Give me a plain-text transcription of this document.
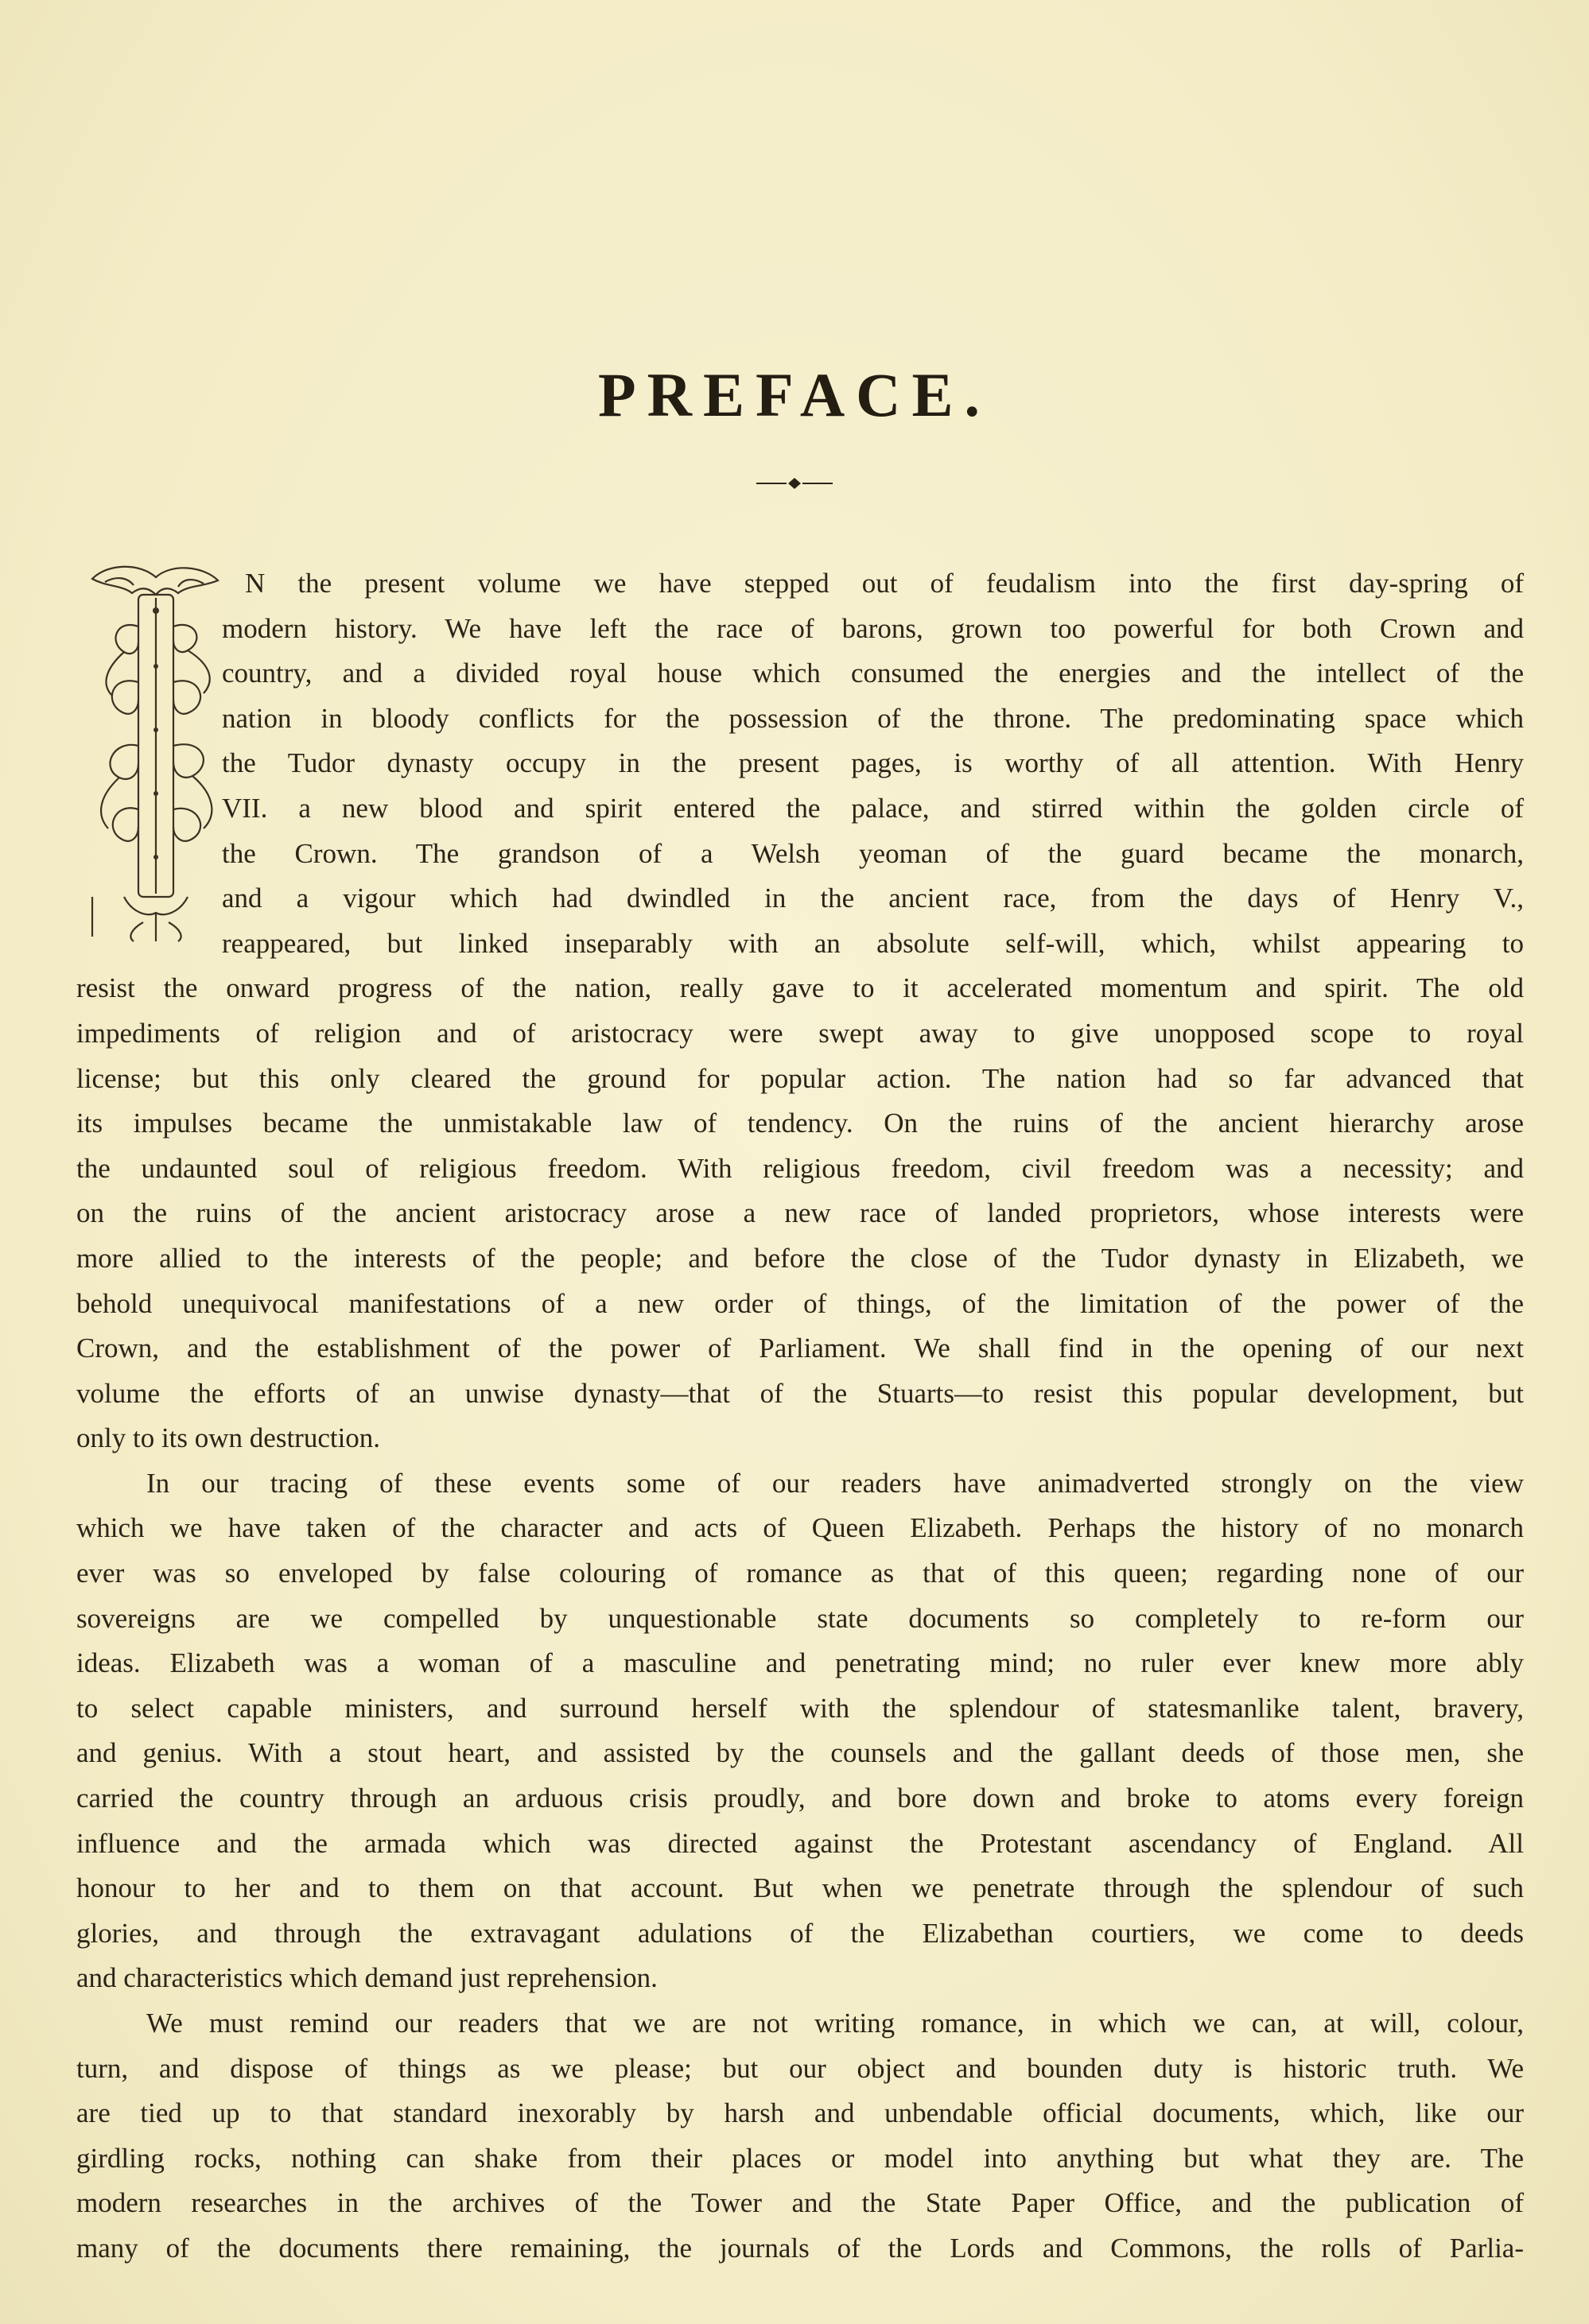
PREFACE.
N the present volume we have stepped out of feudalism into the first day-spring of
modern history. We have left the race of barons, grown too powerful for both Crown and
country, and a divided royal house which consumed the energies and the intellect of the
nation in bloody conflicts for the possession of the throne. The predominating space which
the Tudor dynasty occupy in the present pages, is worthy of all attention. With Henry
VII. a new blood and spirit entered the palace, and stirred within the golden circle of
the Crown. The grandson of a Welsh yeoman of the guard became the monarch,
and a vigour which had dwindled in the ancient race, from the days of Henry V.,
reappeared, but linked inseparably with an absolute self-will, which, whilst appearing to
resist the onward progress of the nation, really gave to it accelerated momentum and spirit. The old
impediments of religion and of aristocracy were swept away to give unopposed scope to royal
license; but this only cleared the ground for popular action. The nation had so far advanced that
its impulses became the unmistakable law of tendency. On the ruins of the ancient hierarchy arose
the undaunted soul of religious freedom. With religious freedom, civil freedom was a necessity; and
on the ruins of the ancient aristocracy arose a new race of landed proprietors, whose interests were
more allied to the interests of the people; and before the close of the Tudor dynasty in Elizabeth, we
behold unequivocal manifestations of a new order of things, of the limitation of the power of the
Crown, and the establishment of the power of Parliament. We shall find in the opening of our next
volume the efforts of an unwise dynasty—that of the Stuarts—to resist this popular development, but
only to its own destruction.
In our tracing of these events some of our readers have animadverted strongly on the view
which we have taken of the character and acts of Queen Elizabeth. Perhaps the history of no monarch
ever was so enveloped by false colouring of romance as that of this queen; regarding none of our
sovereigns are we compelled by unquestionable state documents so completely to re-form our
ideas. Elizabeth was a woman of a masculine and penetrating mind; no ruler ever knew more ably
to select capable ministers, and surround herself with the splendour of statesmanlike talent, bravery,
and genius. With a stout heart, and assisted by the counsels and the gallant deeds of those men, she
carried the country through an arduous crisis proudly, and bore down and broke to atoms every foreign
influence and the armada which was directed against the Protestant ascendancy of England. All
honour to her and to them on that account. But when we penetrate through the splendour of such
glories, and through the extravagant adulations of the Elizabethan courtiers, we come to deeds
and characteristics which demand just reprehension.
We must remind our readers that we are not writing romance, in which we can, at will, colour,
turn, and dispose of things as we please; but our object and bounden duty is historic truth. We
are tied up to that standard inexorably by harsh and unbendable official documents, which, like our
girdling rocks, nothing can shake from their places or model into anything but what they are. The
modern researches in the archives of the Tower and the State Paper Office, and the publication of
many of the documents there remaining, the journals of the Lords and Commons, the rolls of Parlia-
